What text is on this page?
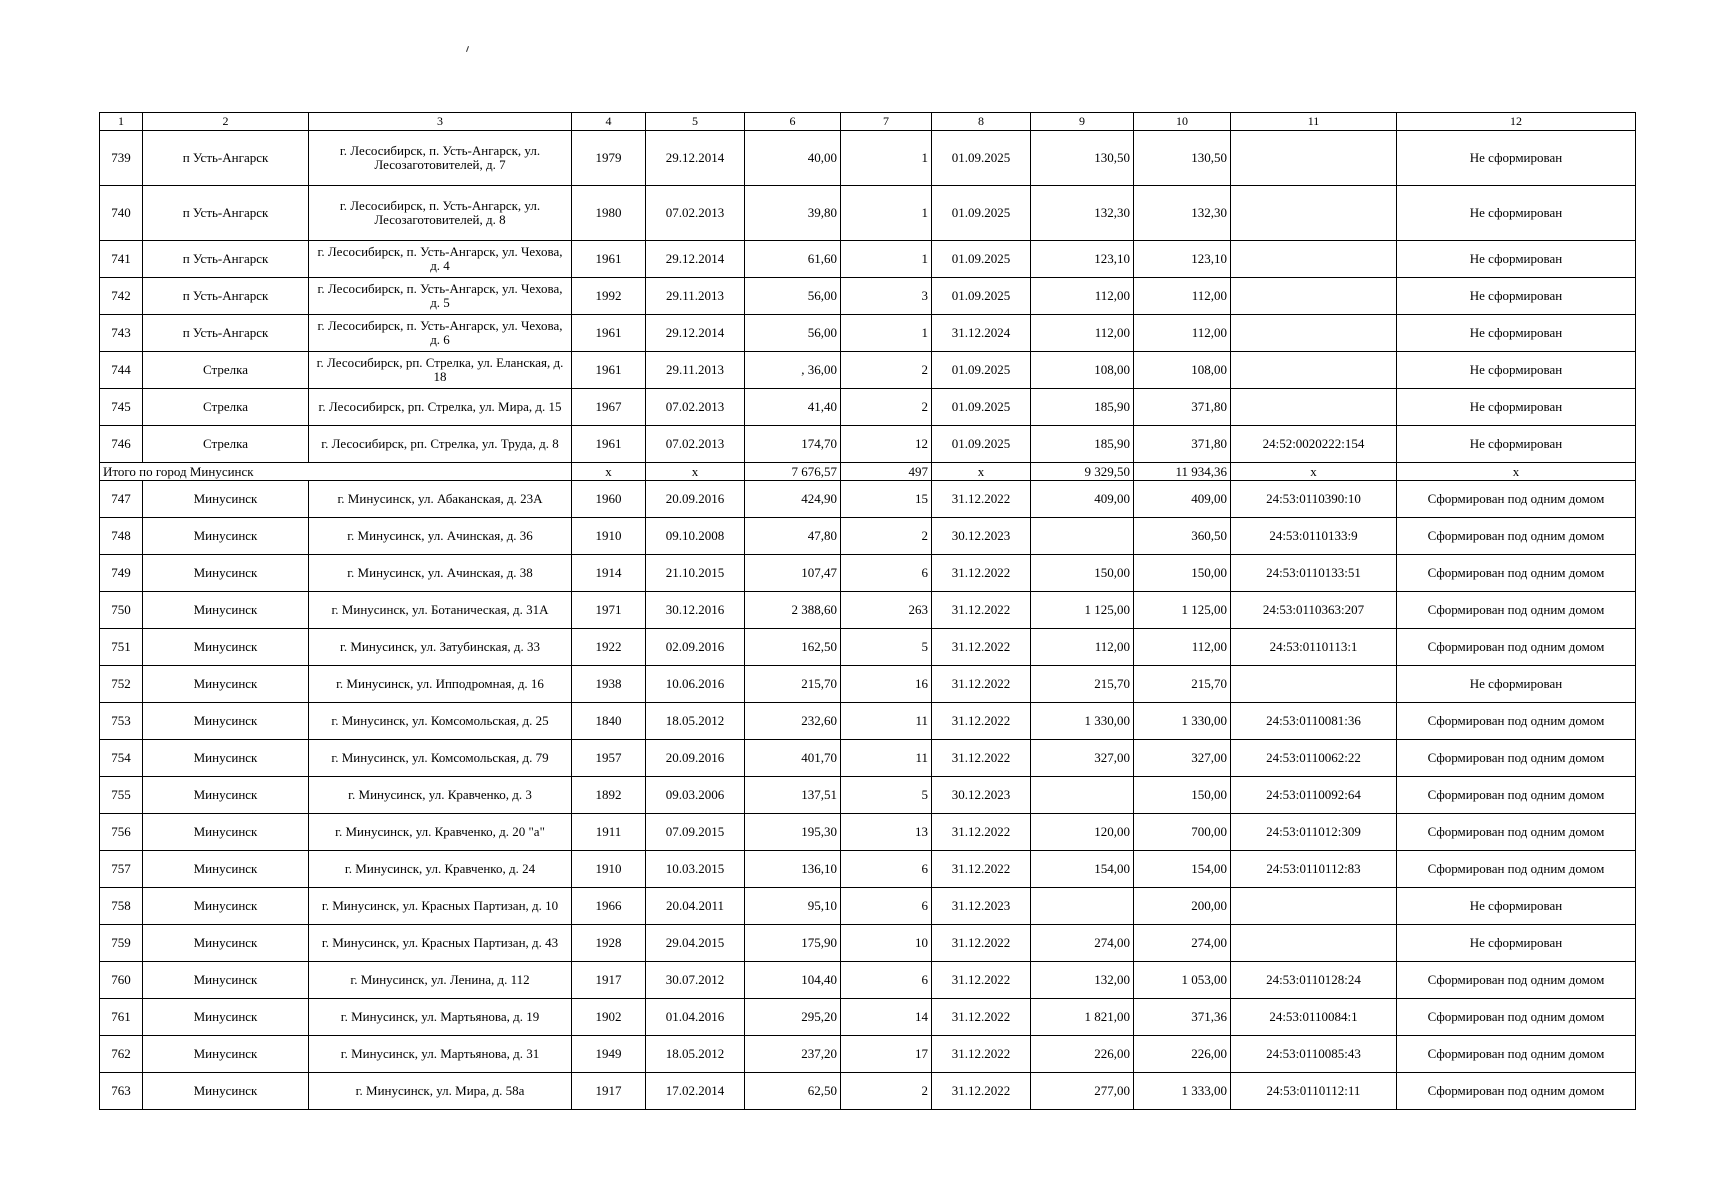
1	2	3	4	5	6	7	8	9	10	11	12
739	п Усть-Ангарск	г. Лесосибирск, п. Усть-Ангарск, ул. Лесозаготовителей, д. 7	1979	29.12.2014	40,00	1	01.09.2025	130,50	130,50		Не сформирован
740	п Усть-Ангарск	г. Лесосибирск, п. Усть-Ангарск, ул. Лесозаготовителей, д. 8	1980	07.02.2013	39,80	1	01.09.2025	132,30	132,30		Не сформирован
741	п Усть-Ангарск	г. Лесосибирск, п. Усть-Ангарск, ул. Чехова, д. 4	1961	29.12.2014	61,60	1	01.09.2025	123,10	123,10		Не сформирован
742	п Усть-Ангарск	г. Лесосибирск, п. Усть-Ангарск, ул. Чехова, д. 5	1992	29.11.2013	56,00	3	01.09.2025	112,00	112,00		Не сформирован
743	п Усть-Ангарск	г. Лесосибирск, п. Усть-Ангарск, ул. Чехова, д. 6	1961	29.12.2014	56,00	1	31.12.2024	112,00	112,00		Не сформирован
744	Стрелка	г. Лесосибирск, рп. Стрелка, ул. Еланская, д. 18	1961	29.11.2013	, 36,00	2	01.09.2025	108,00	108,00		Не сформирован
745	Стрелка	г. Лесосибирск, рп. Стрелка, ул. Мира, д. 15	1967	07.02.2013	41,40	2	01.09.2025	185,90	371,80		Не сформирован
746	Стрелка	г. Лесосибирск, рп. Стрелка, ул. Труда, д. 8	1961	07.02.2013	174,70	12	01.09.2025	185,90	371,80	24:52:0020222:154	Не сформирован
Итого по город Минусинск			x	x	7 676,57	497	x	9 329,50	11 934,36	x	x
747	Минусинск	г. Минусинск, ул. Абаканская, д. 23А	1960	20.09.2016	424,90	15	31.12.2022	409,00	409,00	24:53:0110390:10	Сформирован под одним домом
748	Минусинск	г. Минусинск, ул. Ачинская, д. 36	1910	09.10.2008	47,80	2	30.12.2023		360,50	24:53:0110133:9	Сформирован под одним домом
749	Минусинск	г. Минусинск, ул. Ачинская, д. 38	1914	21.10.2015	107,47	6	31.12.2022	150,00	150,00	24:53:0110133:51	Сформирован под одним домом
750	Минусинск	г. Минусинск, ул. Ботаническая, д. 31А	1971	30.12.2016	2 388,60	263	31.12.2022	1 125,00	1 125,00	24:53:0110363:207	Сформирован под одним домом
751	Минусинск	г. Минусинск, ул. Затубинская, д. 33	1922	02.09.2016	162,50	5	31.12.2022	112,00	112,00	24:53:0110113:1	Сформирован под одним домом
752	Минусинск	г. Минусинск, ул. Ипподромная, д. 16	1938	10.06.2016	215,70	16	31.12.2022	215,70	215,70		Не сформирован
753	Минусинск	г. Минусинск, ул. Комсомольская, д. 25	1840	18.05.2012	232,60	11	31.12.2022	1 330,00	1 330,00	24:53:0110081:36	Сформирован под одним домом
754	Минусинск	г. Минусинск, ул. Комсомольская, д. 79	1957	20.09.2016	401,70	11	31.12.2022	327,00	327,00	24:53:0110062:22	Сформирован под одним домом
755	Минусинск	г. Минусинск, ул. Кравченко, д. 3	1892	09.03.2006	137,51	5	30.12.2023		150,00	24:53:0110092:64	Сформирован под одним домом
756	Минусинск	г. Минусинск, ул. Кравченко, д. 20 "а"	1911	07.09.2015	195,30	13	31.12.2022	120,00	700,00	24:53:011012:309	Сформирован под одним домом
757	Минусинск	г. Минусинск, ул. Кравченко, д. 24	1910	10.03.2015	136,10	6	31.12.2022	154,00	154,00	24:53:0110112:83	Сформирован под одним домом
758	Минусинск	г. Минусинск, ул. Красных Партизан, д. 10	1966	20.04.2011	95,10	6	31.12.2023		200,00		Не сформирован
759	Минусинск	г. Минусинск, ул. Красных Партизан, д. 43	1928	29.04.2015	175,90	10	31.12.2022	274,00	274,00		Не сформирован
760	Минусинск	г. Минусинск, ул. Ленина, д. 112	1917	30.07.2012	104,40	6	31.12.2022	132,00	1 053,00	24:53:0110128:24	Сформирован под одним домом
761	Минусинск	г. Минусинск, ул. Мартьянова, д. 19	1902	01.04.2016	295,20	14	31.12.2022	1 821,00	371,36	24:53:0110084:1	Сформирован под одним домом
762	Минусинск	г. Минусинск, ул. Мартьянова, д. 31	1949	18.05.2012	237,20	17	31.12.2022	226,00	226,00	24:53:0110085:43	Сформирован под одним домом
763	Минусинск	г. Минусинск, ул. Мира, д. 58а	1917	17.02.2014	62,50	2	31.12.2022	277,00	1 333,00	24:53:0110112:11	Сформирован под одним домом
